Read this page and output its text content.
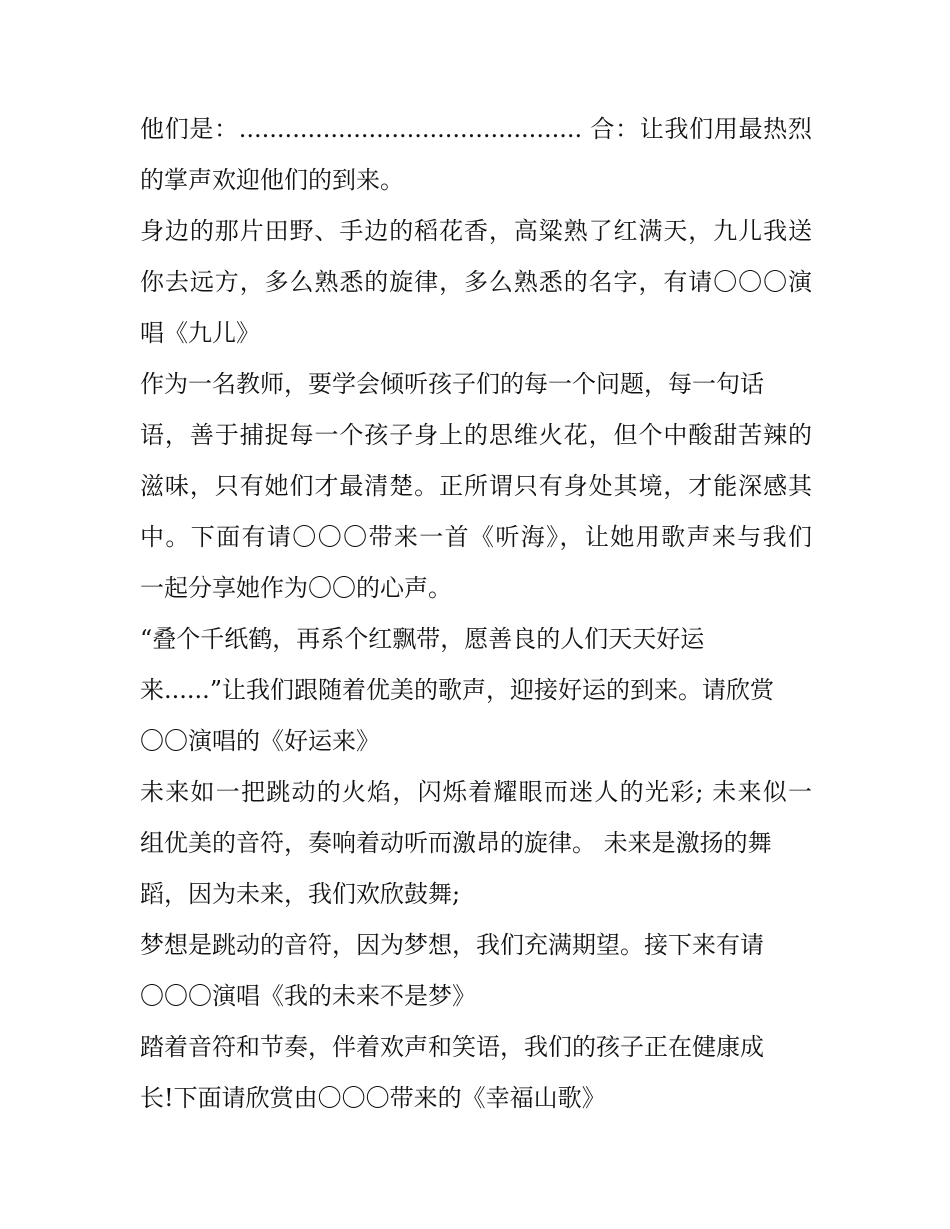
他们是：............................................. 合：让我们用最热烈
的掌声欢迎他们的到来。
身边的那片田野、手边的稻花香，高粱熟了红满天，九儿我送
你去远方，多么熟悉的旋律，多么熟悉的名字，有请〇〇〇演
唱《九儿》
作为一名教师，要学会倾听孩子们的每一个问题，每一句话
语，善于捕捉每一个孩子身上的思维火花，但个中酸甜苦辣的
滋味，只有她们才最清楚。正所谓只有身处其境，才能深感其
中。下面有请〇〇〇带来一首《听海》，让她用歌声来与我们
一起分享她作为〇〇的心声。
“叠个千纸鹤，再系个红飘带，愿善良的人们天天好运
来......”让我们跟随着优美的歌声，迎接好运的到来。请欣赏
〇〇演唱的《好运来》
未来如一把跳动的火焰，闪烁着耀眼而迷人的光彩; 未来似一
组优美的音符，奏响着动听而激昂的旋律。 未来是激扬的舞
蹈，因为未来，我们欢欣鼓舞;
梦想是跳动的音符，因为梦想，我们充满期望。接下来有请
〇〇〇演唱《我的未来不是梦》
踏着音符和节奏，伴着欢声和笑语，我们的孩子正在健康成
长!下面请欣赏由〇〇〇带来的《幸福山歌》
